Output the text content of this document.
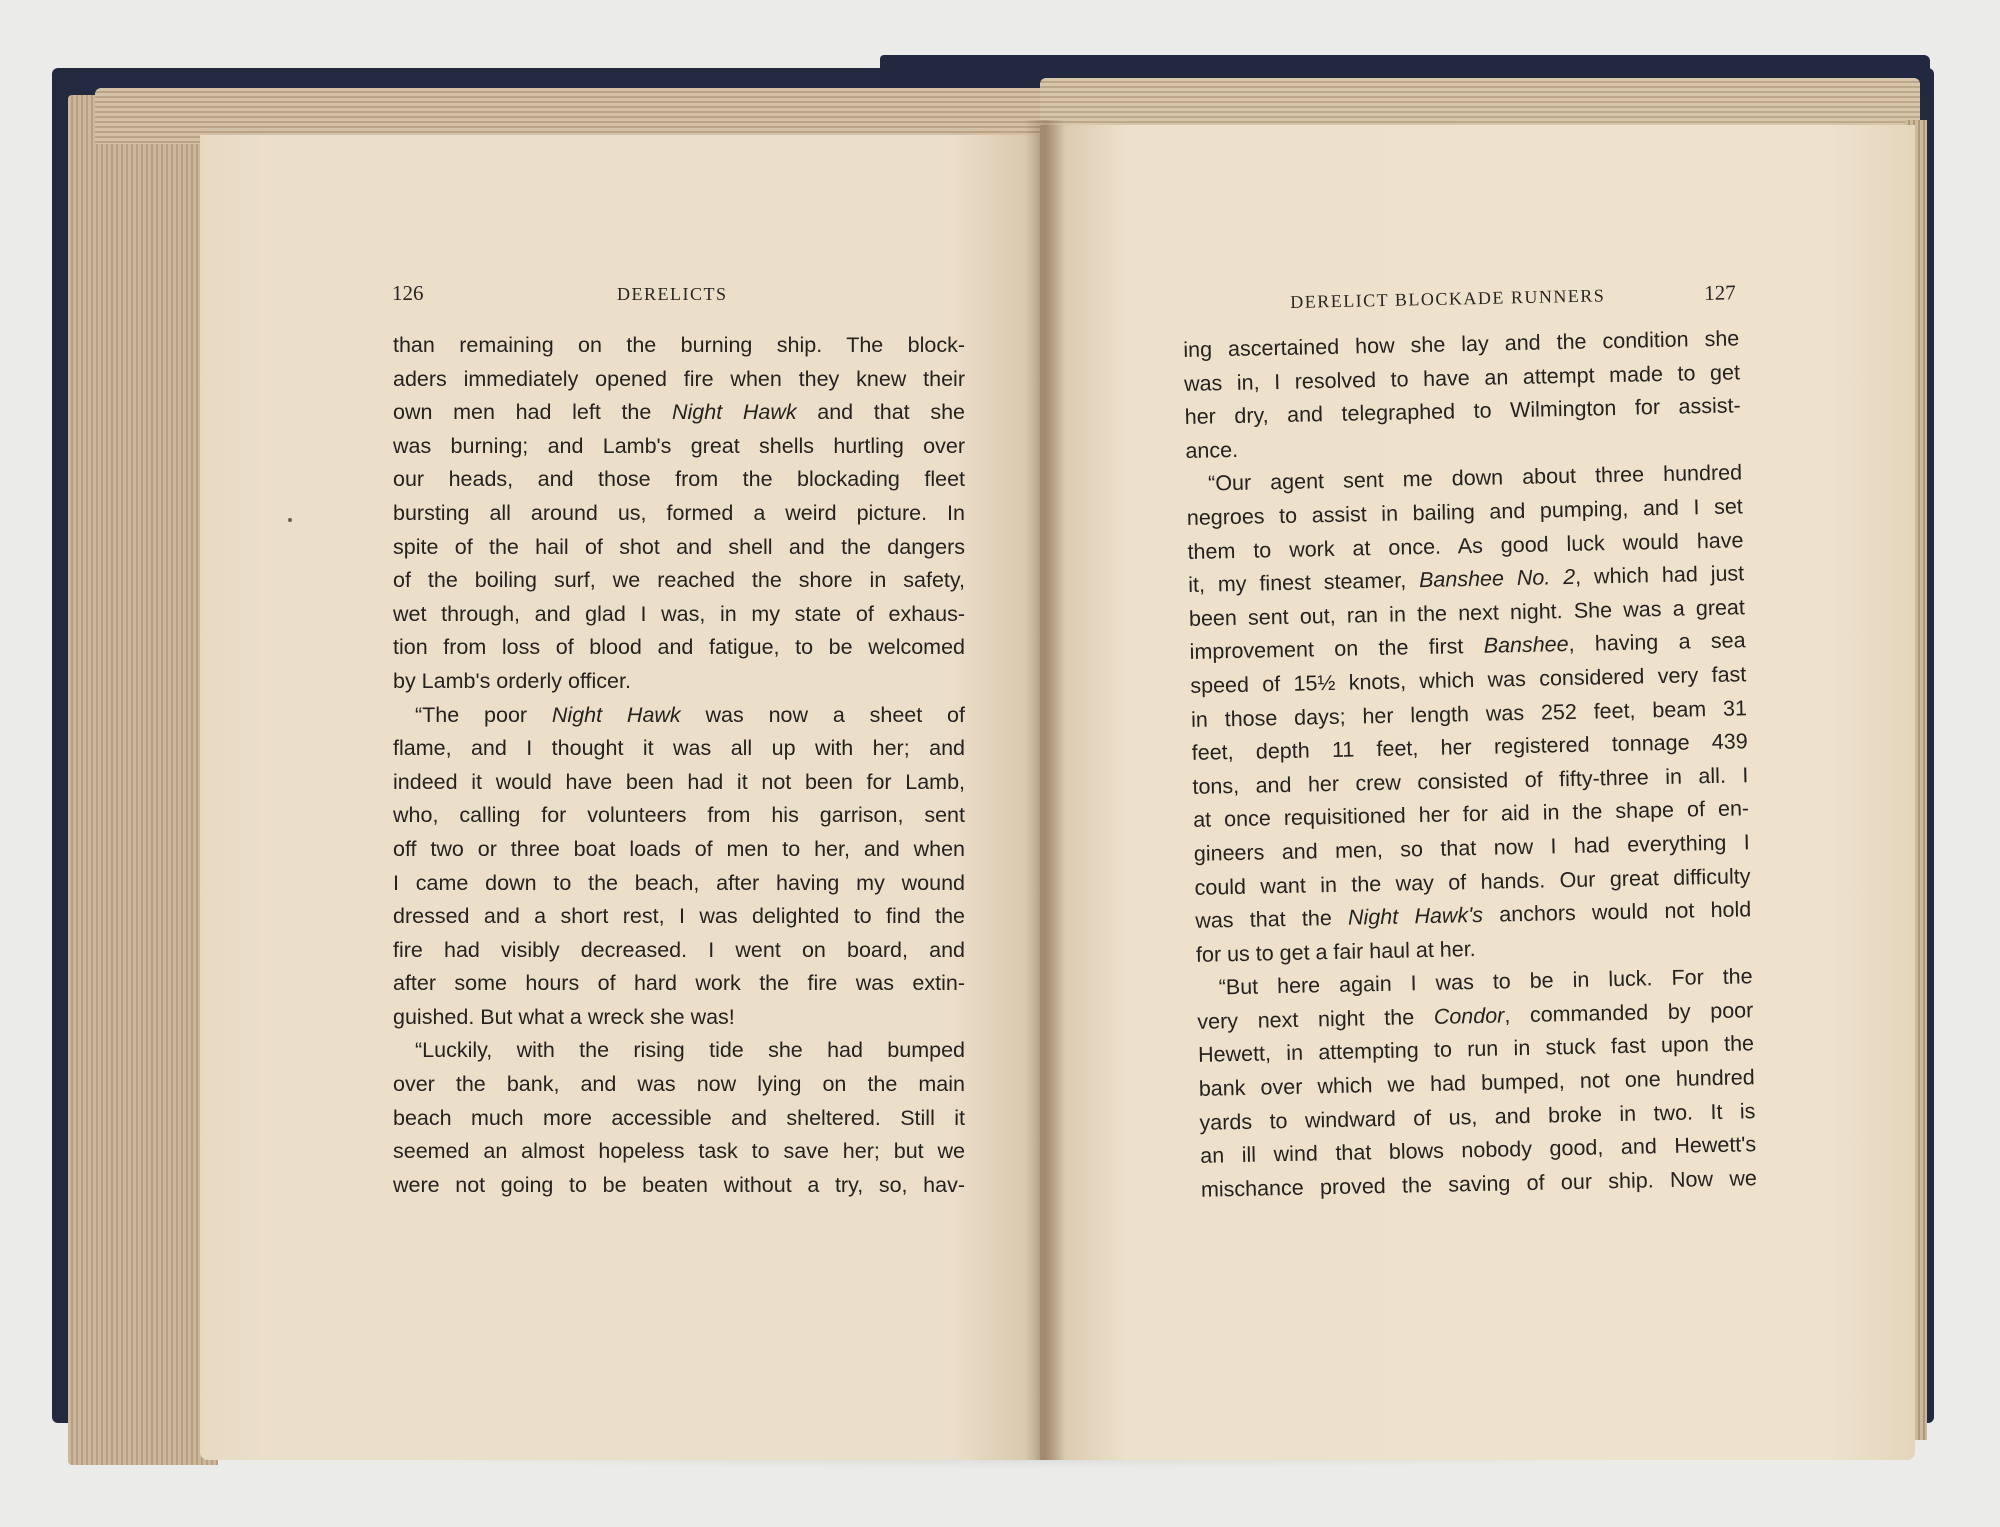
126	DERELICTS	DERELICT BLOCKADE RUNNERS	127

than remaining on the burning ship. The block-

aders immediately opened fire when they knew their

own men had left the Night Hawk and that she

was burning; and Lamb's great shells hurtling over

our heads, and those from the blockading fleet

bursting all around us, formed a weird picture. In

spite of the hail of shot and shell and the dangers

of the boiling surf, we reached the shore in safety,

wet through, and glad I was, in my state of exhaus-

tion from loss of blood and fatigue, to be welcomed

by Lamb's orderly officer.

“The poor Night Hawk was now a sheet of

flame, and I thought it was all up with her; and

indeed it would have been had it not been for Lamb,

who, calling for volunteers from his garrison, sent

off two or three boat loads of men to her, and when

I came down to the beach, after having my wound

dressed and a short rest, I was delighted to find the

fire had visibly decreased. I went on board, and

after some hours of hard work the fire was extin-

guished. But what a wreck she was!

“Luckily, with the rising tide she had bumped

over the bank, and was now lying on the main

beach much more accessible and sheltered. Still it

seemed an almost hopeless task to save her; but we

were not going to be beaten without a try, so, hav-

ing ascertained how she lay and the condition she

was in, I resolved to have an attempt made to get

her dry, and telegraphed to Wilmington for assist-

ance.

“Our agent sent me down about three hundred

negroes to assist in bailing and pumping, and I set

them to work at once. As good luck would have

it, my finest steamer, Banshee No. 2, which had just

been sent out, ran in the next night. She was a great

improvement on the first Banshee, having a sea

speed of 15½ knots, which was considered very fast

in those days; her length was 252 feet, beam 31

feet, depth 11 feet, her registered tonnage 439

tons, and her crew consisted of fifty-three in all. I

at once requisitioned her for aid in the shape of en-

gineers and men, so that now I had everything I

could want in the way of hands. Our great difficulty

was that the Night Hawk's anchors would not hold

for us to get a fair haul at her.

“But here again I was to be in luck. For the

very next night the Condor, commanded by poor

Hewett, in attempting to run in stuck fast upon the

bank over which we had bumped, not one hundred

yards to windward of us, and broke in two. It is

an ill wind that blows nobody good, and Hewett's

mischance proved the saving of our ship. Now we
